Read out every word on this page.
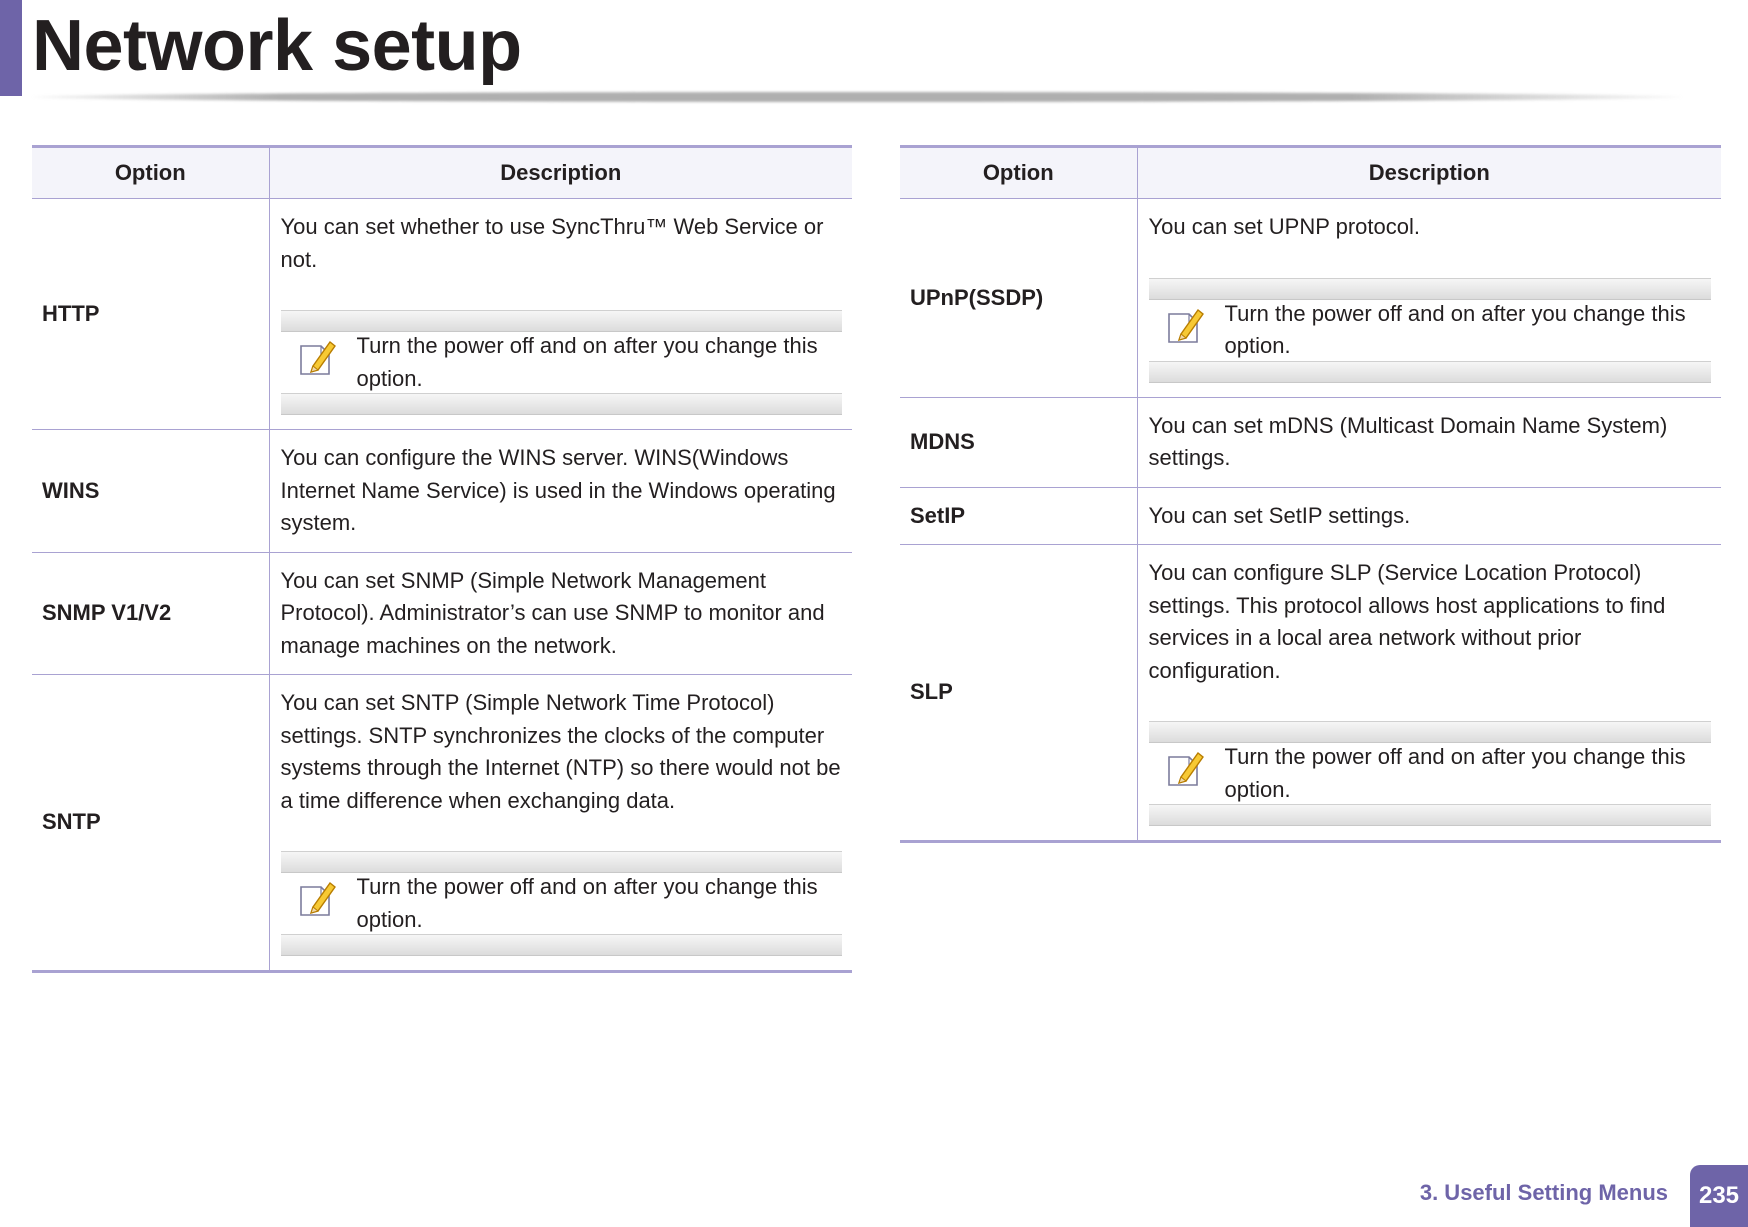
Network setup
Option	Description
HTTP	You can set whether to use SyncThru™ Web Service or not.
Turn the power off and on after you change this option.

WINS	You can configure the WINS server. WINS(Windows Internet Name Service) is used in the Windows operating system.

SNMP V1/V2	You can set SNMP (Simple Network Management Protocol). Administrator’s can use SNMP to monitor and manage machines on the network.

SNTP	You can set SNTP (Simple Network Time Protocol) settings. SNTP synchronizes the clocks of the computer systems through the Internet (NTP) so there would not be a time difference when exchanging data.
Turn the power off and on after you change this option.
Option	Description
UPnP(SSDP)	You can set UPNP protocol.
Turn the power off and on after you change this option.

MDNS	You can set mDNS (Multicast Domain Name System) settings.

SetIP	You can set SetIP settings.

SLP	You can configure SLP (Service Location Protocol) settings. This protocol allows host applications to find services in a local area network without prior configuration.
Turn the power off and on after you change this option.
3. Useful Setting Menus	235
